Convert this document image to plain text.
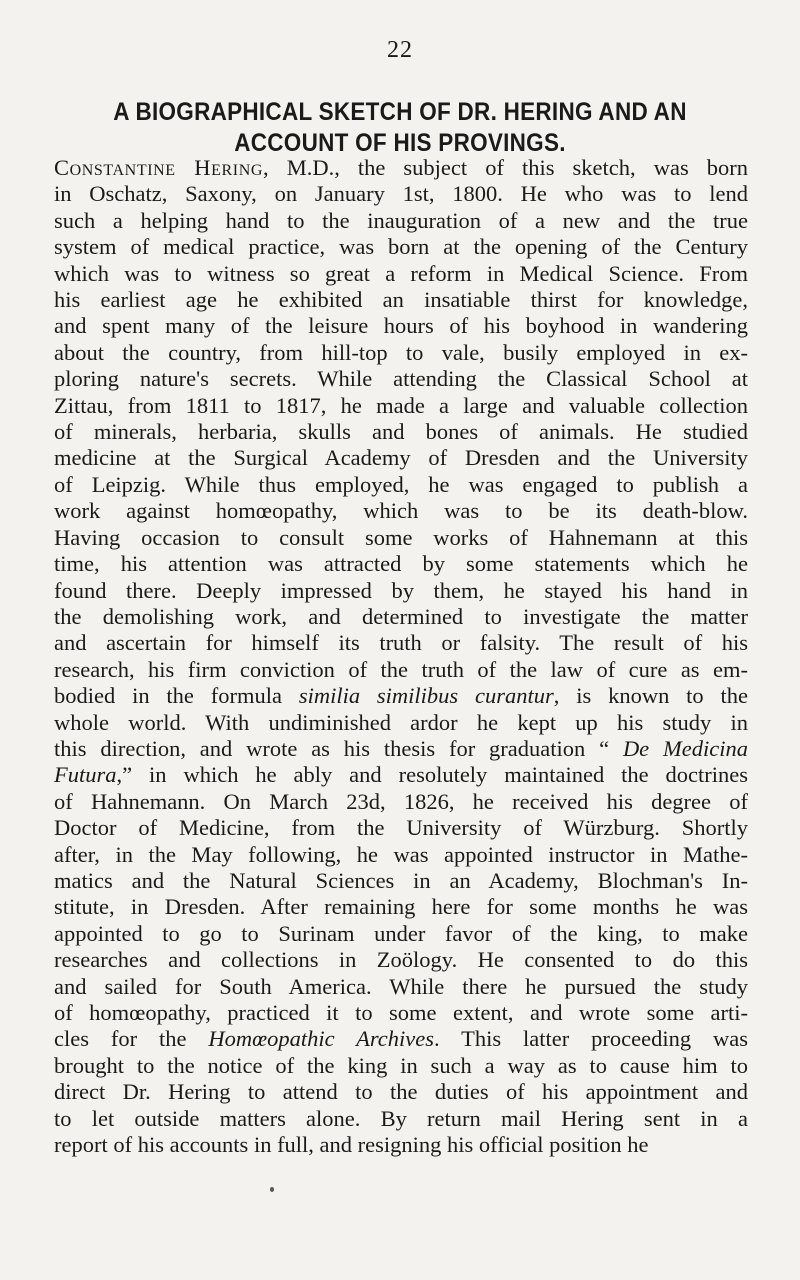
22
A BIOGRAPHICAL SKETCH OF DR. HERING AND AN
ACCOUNT OF HIS PROVINGS.
Constantine Hering, M.D., the subject of this sketch, was born
in Oschatz, Saxony, on January 1st, 1800. He who was to lend
such a helping hand to the inauguration of a new and the true
system of medical practice, was born at the opening of the Century
which was to witness so great a reform in Medical Science. From
his earliest age he exhibited an insatiable thirst for knowledge,
and spent many of the leisure hours of his boyhood in wandering
about the country, from hill-top to vale, busily employed in ex-
ploring nature's secrets. While attending the Classical School at
Zittau, from 1811 to 1817, he made a large and valuable collection
of minerals, herbaria, skulls and bones of animals. He studied
medicine at the Surgical Academy of Dresden and the University
of Leipzig. While thus employed, he was engaged to publish a
work against homœopathy, which was to be its death-blow.
Having occasion to consult some works of Hahnemann at this
time, his attention was attracted by some statements which he
found there. Deeply impressed by them, he stayed his hand in
the demolishing work, and determined to investigate the matter
and ascertain for himself its truth or falsity. The result of his
research, his firm conviction of the truth of the law of cure as em-
bodied in the formula similia similibus curantur, is known to the
whole world. With undiminished ardor he kept up his study in
this direction, and wrote as his thesis for graduation “ De Medicina
Futura,” in which he ably and resolutely maintained the doctrines
of Hahnemann. On March 23d, 1826, he received his degree of
Doctor of Medicine, from the University of Würzburg. Shortly
after, in the May following, he was appointed instructor in Mathe-
matics and the Natural Sciences in an Academy, Blochman's In-
stitute, in Dresden. After remaining here for some months he was
appointed to go to Surinam under favor of the king, to make
researches and collections in Zoölogy. He consented to do this
and sailed for South America. While there he pursued the study
of homœopathy, practiced it to some extent, and wrote some arti-
cles for the Homœopathic Archives. This latter proceeding was
brought to the notice of the king in such a way as to cause him to
direct Dr. Hering to attend to the duties of his appointment and
to let outside matters alone. By return mail Hering sent in a
report of his accounts in full, and resigning his official position he
